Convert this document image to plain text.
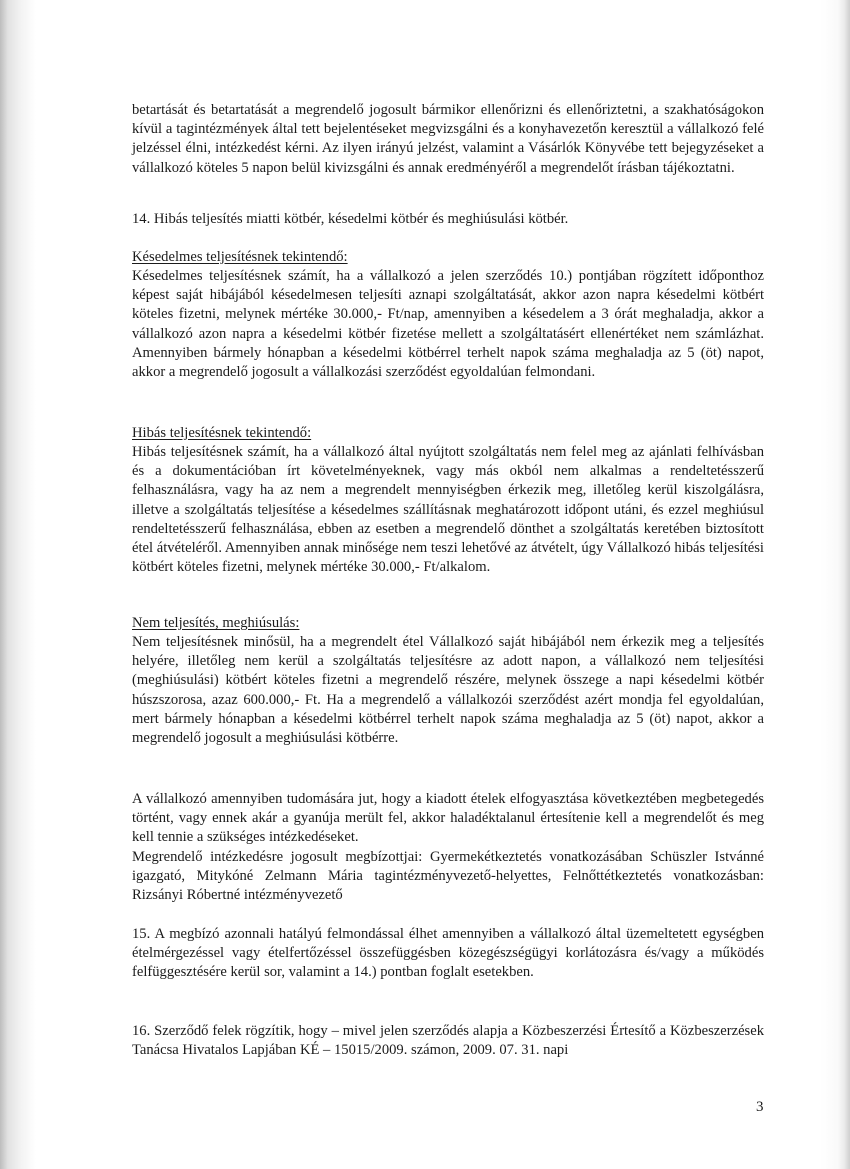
betartását és betartatását a megrendelő jogosult bármikor ellenőrizni és ellenőriztetni, a szakhatóságokon kívül a tagintézmények által tett bejelentéseket megvizsgálni és a konyhavezetőn keresztül a vállalkozó felé jelzéssel élni, intézkedést kérni. Az ilyen irányú jelzést, valamint a Vásárlók Könyvébe tett bejegyzéseket a vállalkozó köteles 5 napon belül kivizsgálni és annak eredményéről a megrendelőt írásban tájékoztatni.
14. Hibás teljesítés miatti kötbér, késedelmi kötbér és meghiúsulási kötbér.
Késedelmes teljesítésnek tekintendő:
Késedelmes teljesítésnek számít, ha a vállalkozó a jelen szerződés 10.) pontjában rögzített időponthoz képest saját hibájából késedelmesen teljesíti aznapi szolgáltatását, akkor azon napra késedelmi kötbért köteles fizetni, melynek mértéke 30.000,- Ft/nap, amennyiben a késedelem a 3 órát meghaladja, akkor a vállalkozó azon napra a késedelmi kötbér fizetése mellett a szolgáltatásért ellenértéket nem számlázhat. Amennyiben bármely hónapban a késedelmi kötbérrel terhelt napok száma meghaladja az 5 (öt) napot, akkor a megrendelő jogosult a vállalkozási szerződést egyoldalúan felmondani.
Hibás teljesítésnek tekintendő:
Hibás teljesítésnek számít, ha a vállalkozó által nyújtott szolgáltatás nem felel meg az ajánlati felhívásban és a dokumentációban írt követelményeknek, vagy más okból nem alkalmas a rendeltetésszerű felhasználásra, vagy ha az nem a megrendelt mennyiségben érkezik meg, illetőleg kerül kiszolgálásra, illetve a szolgáltatás teljesítése a késedelmes szállításnak meghatározott időpont utáni, és ezzel meghiúsul rendeltetésszerű felhasználása, ebben az esetben a megrendelő dönthet a szolgáltatás keretében biztosított étel átvételéről. Amennyiben annak minősége nem teszi lehetővé az átvételt, úgy Vállalkozó hibás teljesítési kötbért köteles fizetni, melynek mértéke 30.000,- Ft/alkalom.
Nem teljesítés, meghiúsulás:
Nem teljesítésnek minősül, ha a megrendelt étel Vállalkozó saját hibájából nem érkezik meg a teljesítés helyére, illetőleg nem kerül a szolgáltatás teljesítésre az adott napon, a vállalkozó nem teljesítési (meghiúsulási) kötbért köteles fizetni a megrendelő részére, melynek összege a napi késedelmi kötbér húszszorosa, azaz 600.000,- Ft. Ha a megrendelő a vállalkozói szerződést azért mondja fel egyoldalúan, mert bármely hónapban a késedelmi kötbérrel terhelt napok száma meghaladja az 5 (öt) napot, akkor a megrendelő jogosult a meghiúsulási kötbérre.
A vállalkozó amennyiben tudomására jut, hogy a kiadott ételek elfogyasztása következtében megbetegedés történt, vagy ennek akár a gyanúja merült fel, akkor haladéktalanul értesítenie kell a megrendelőt és meg kell tennie a szükséges intézkedéseket.
Megrendelő intézkedésre jogosult megbízottjai: Gyermekétkeztetés vonatkozásában Schüszler Istvánné igazgató, Mitykóné Zelmann Mária tagintézményvezető-helyettes, Felnőttétkeztetés vonatkozásban: Rizsányi Róbertné intézményvezető
15. A megbízó azonnali hatályú felmondással élhet amennyiben a vállalkozó által üzemeltetett egységben ételmérgezéssel vagy ételfertőzéssel összefüggésben közegészségügyi korlátozásra és/vagy a működés felfüggesztésére kerül sor, valamint a 14.) pontban foglalt esetekben.
16. Szerződő felek rögzítik, hogy – mivel jelen szerződés alapja a Közbeszerzési Értesítő a Közbeszerzések Tanácsa Hivatalos Lapjában KÉ – 15015/2009. számon, 2009. 07. 31. napi
3
